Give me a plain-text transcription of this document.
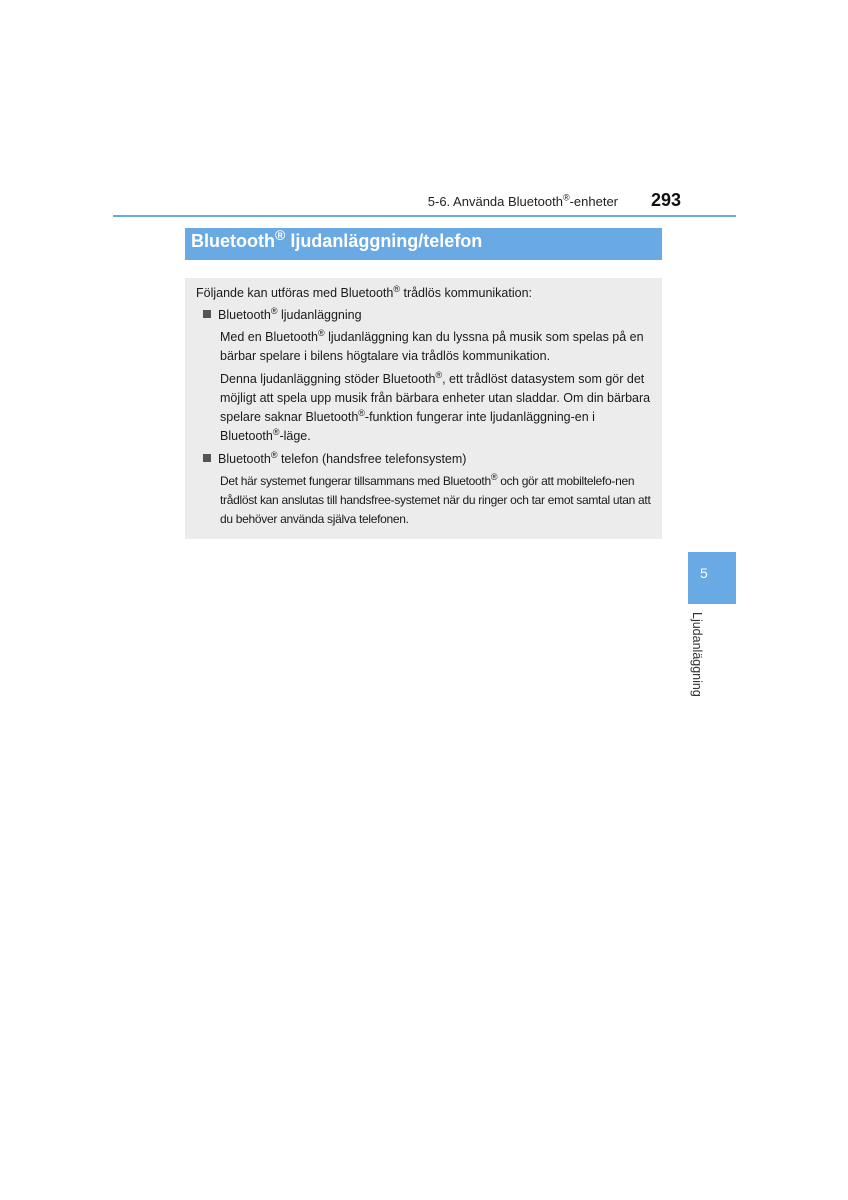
5-6. Använda Bluetooth®-enheter 293
Bluetooth® ljudanläggning/telefon

Följande kan utföras med Bluetooth® trådlös kommunikation:

Bluetooth® ljudanläggning

Med en Bluetooth® ljudanläggning kan du lyssna på musik som spelas på en bärbar spelare i bilens högtalare via trådlös kommunikation.

Denna ljudanläggning stöder Bluetooth®, ett trådlöst datasystem som gör det möjligt att spela upp musik från bärbara enheter utan sladdar. Om din bärbara spelare saknar Bluetooth®-funktion fungerar inte ljudanläggning-en i Bluetooth®-läge.

Bluetooth® telefon (handsfree telefonsystem)

Det här systemet fungerar tillsammans med Bluetooth® och gör att mobiltelefo-nen trådlöst kan anslutas till handsfree-systemet när du ringer och tar emot samtal utan att du behöver använda själva telefonen.

5
Ljudanläggning
